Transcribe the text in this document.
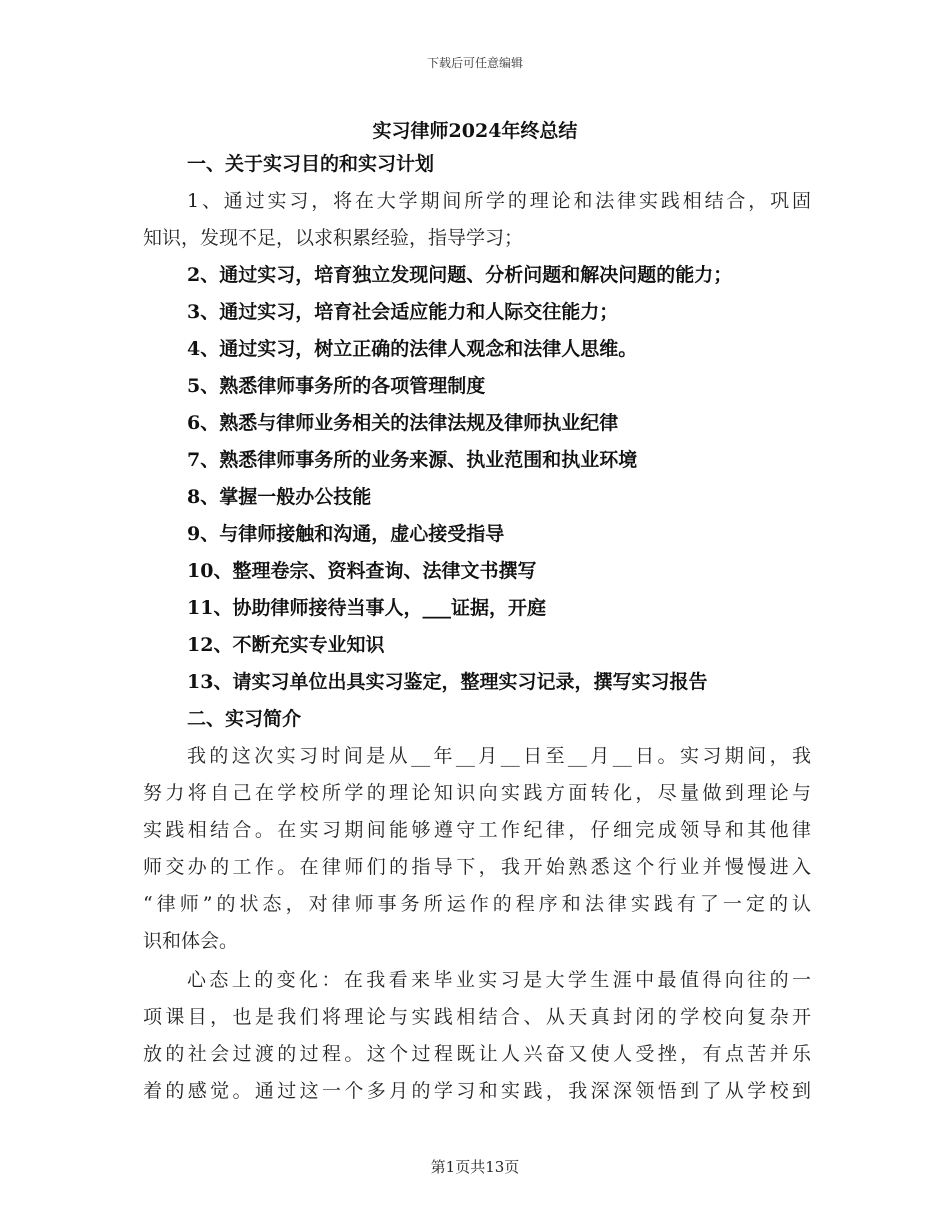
下载后可任意编辑
实习律师2024年终总结
一、关于实习目的和实习计划
1、通过实习，将在大学期间所学的理论和法律实践相结合，巩固
知识，发现不足，以求积累经验，指导学习；
2、通过实习，培育独立发现问题、分析问题和解决问题的能力；
3、通过实习，培育社会适应能力和人际交往能力；
4、通过实习，树立正确的法律人观念和法律人思维。
5、熟悉律师事务所的各项管理制度
6、熟悉与律师业务相关的法律法规及律师执业纪律
7、熟悉律师事务所的业务来源、执业范围和执业环境
8、掌握一般办公技能
9、与律师接触和沟通，虚心接受指导
10、整理卷宗、资料查询、法律文书撰写
11、协助律师接待当事人，___证据，开庭
12、不断充实专业知识
13、请实习单位出具实习鉴定，整理实习记录，撰写实习报告
二、实习简介
我的这次实习时间是从__年__月__日至__月__日。实习期间，我
努力将自己在学校所学的理论知识向实践方面转化，尽量做到理论与
实践相结合。在实习期间能够遵守工作纪律，仔细完成领导和其他律
师交办的工作。在律师们的指导下，我开始熟悉这个行业并慢慢进入
“律师”的状态，对律师事务所运作的程序和法律实践有了一定的认
识和体会。
心态上的变化：在我看来毕业实习是大学生涯中最值得向往的一
项课目，也是我们将理论与实践相结合、从天真封闭的学校向复杂开
放的社会过渡的过程。这个过程既让人兴奋又使人受挫，有点苦并乐
着的感觉。通过这一个多月的学习和实践，我深深领悟到了从学校到
第1页共13页
